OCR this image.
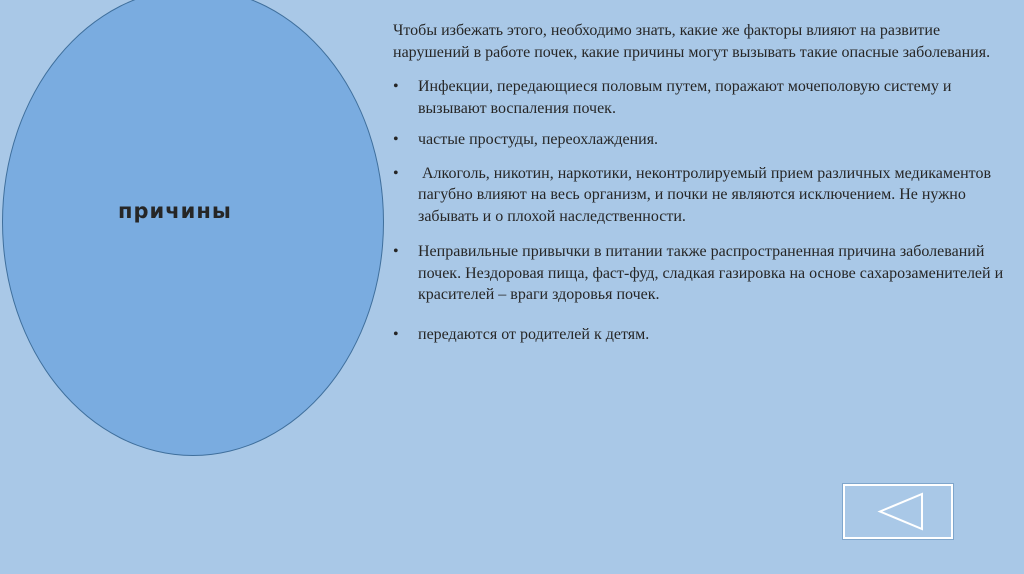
причины

Чтобы избежать этого, необходимо знать, какие же факторы влияют на развитие нарушений в работе почек, какие причины могут вызывать такие опасные заболевания.

• Инфекции, передающиеся половым путем, поражают мочеполовую систему и вызывают воспаления почек.
• частые простуды, переохлаждения.
• Алкоголь, никотин, наркотики, неконтролируемый прием различных медикаментов пагубно влияют на весь организм, и почки не являются исключением. Не нужно забывать и о плохой наследственности.
• Неправильные привычки в питании также распространенная причина заболеваний почек. Нездоровая пища, фаст-фуд, сладкая газировка на основе сахарозаменителей и красителей – враги здоровья почек.
• передаются от родителей к детям.
